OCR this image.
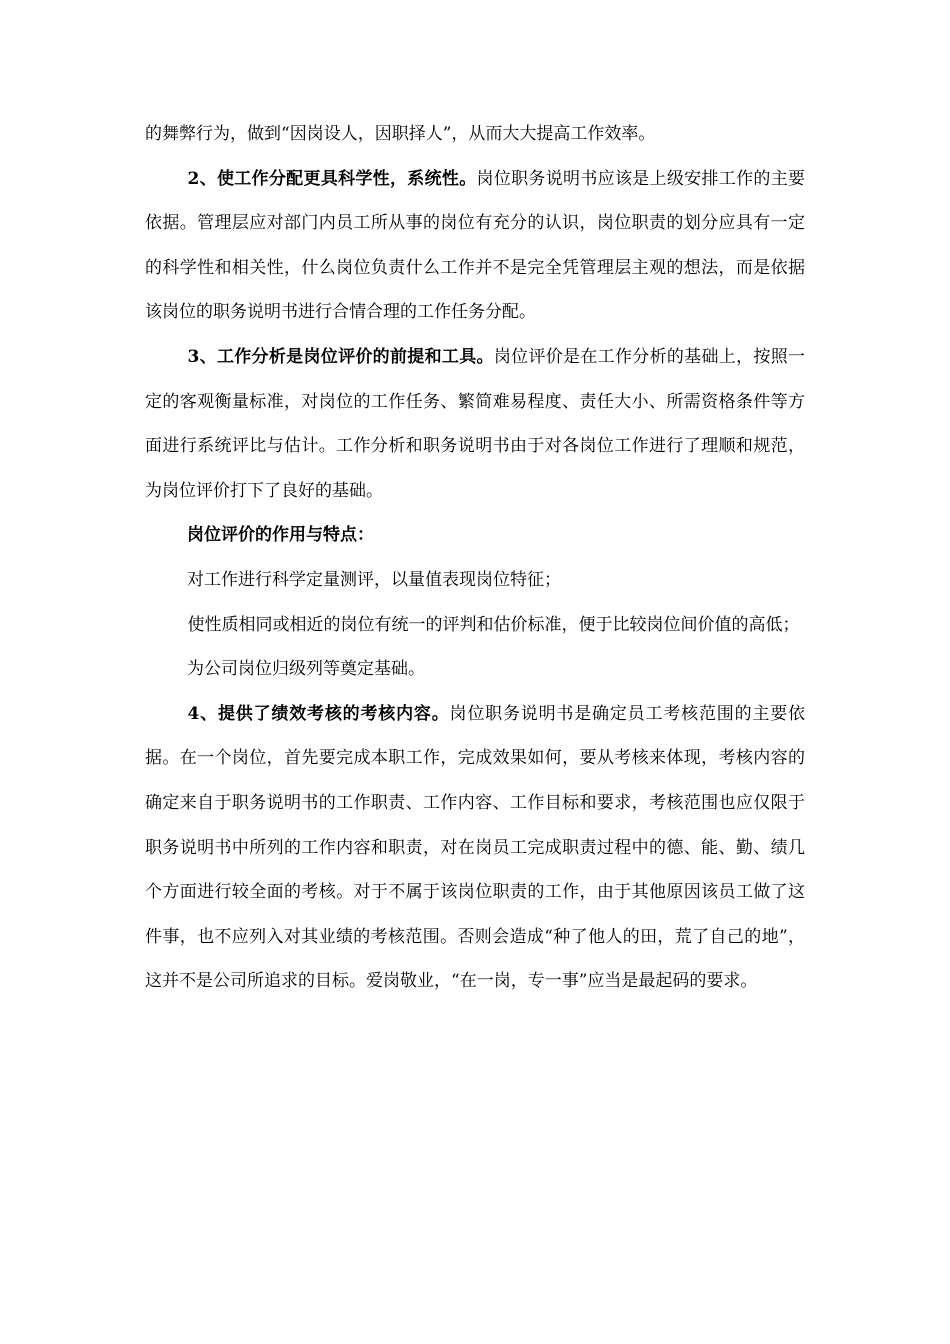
的舞弊行为，做到“因岗设人，因职择人”，从而大大提高工作效率。

2、使工作分配更具科学性，系统性。岗位职务说明书应该是上级安排工作的主要依据。管理层应对部门内员工所从事的岗位有充分的认识，岗位职责的划分应具有一定的科学性和相关性，什么岗位负责什么工作并不是完全凭管理层主观的想法，而是依据该岗位的职务说明书进行合情合理的工作任务分配。

3、工作分析是岗位评价的前提和工具。岗位评价是在工作分析的基础上，按照一定的客观衡量标准，对岗位的工作任务、繁简难易程度、责任大小、所需资格条件等方面进行系统评比与估计。工作分析和职务说明书由于对各岗位工作进行了理顺和规范，为岗位评价打下了良好的基础。

岗位评价的作用与特点：

对工作进行科学定量测评，以量值表现岗位特征；

使性质相同或相近的岗位有统一的评判和估价标准，便于比较岗位间价值的高低；

为公司岗位归级列等奠定基础。

4、提供了绩效考核的考核内容。岗位职务说明书是确定员工考核范围的主要依据。在一个岗位，首先要完成本职工作，完成效果如何，要从考核来体现，考核内容的确定来自于职务说明书的工作职责、工作内容、工作目标和要求，考核范围也应仅限于职务说明书中所列的工作内容和职责，对在岗员工完成职责过程中的德、能、勤、绩几个方面进行较全面的考核。对于不属于该岗位职责的工作，由于其他原因该员工做了这件事，也不应列入对其业绩的考核范围。否则会造成“种了他人的田，荒了自己的地”，这并不是公司所追求的目标。爱岗敬业，“在一岗，专一事”应当是最起码的要求。
